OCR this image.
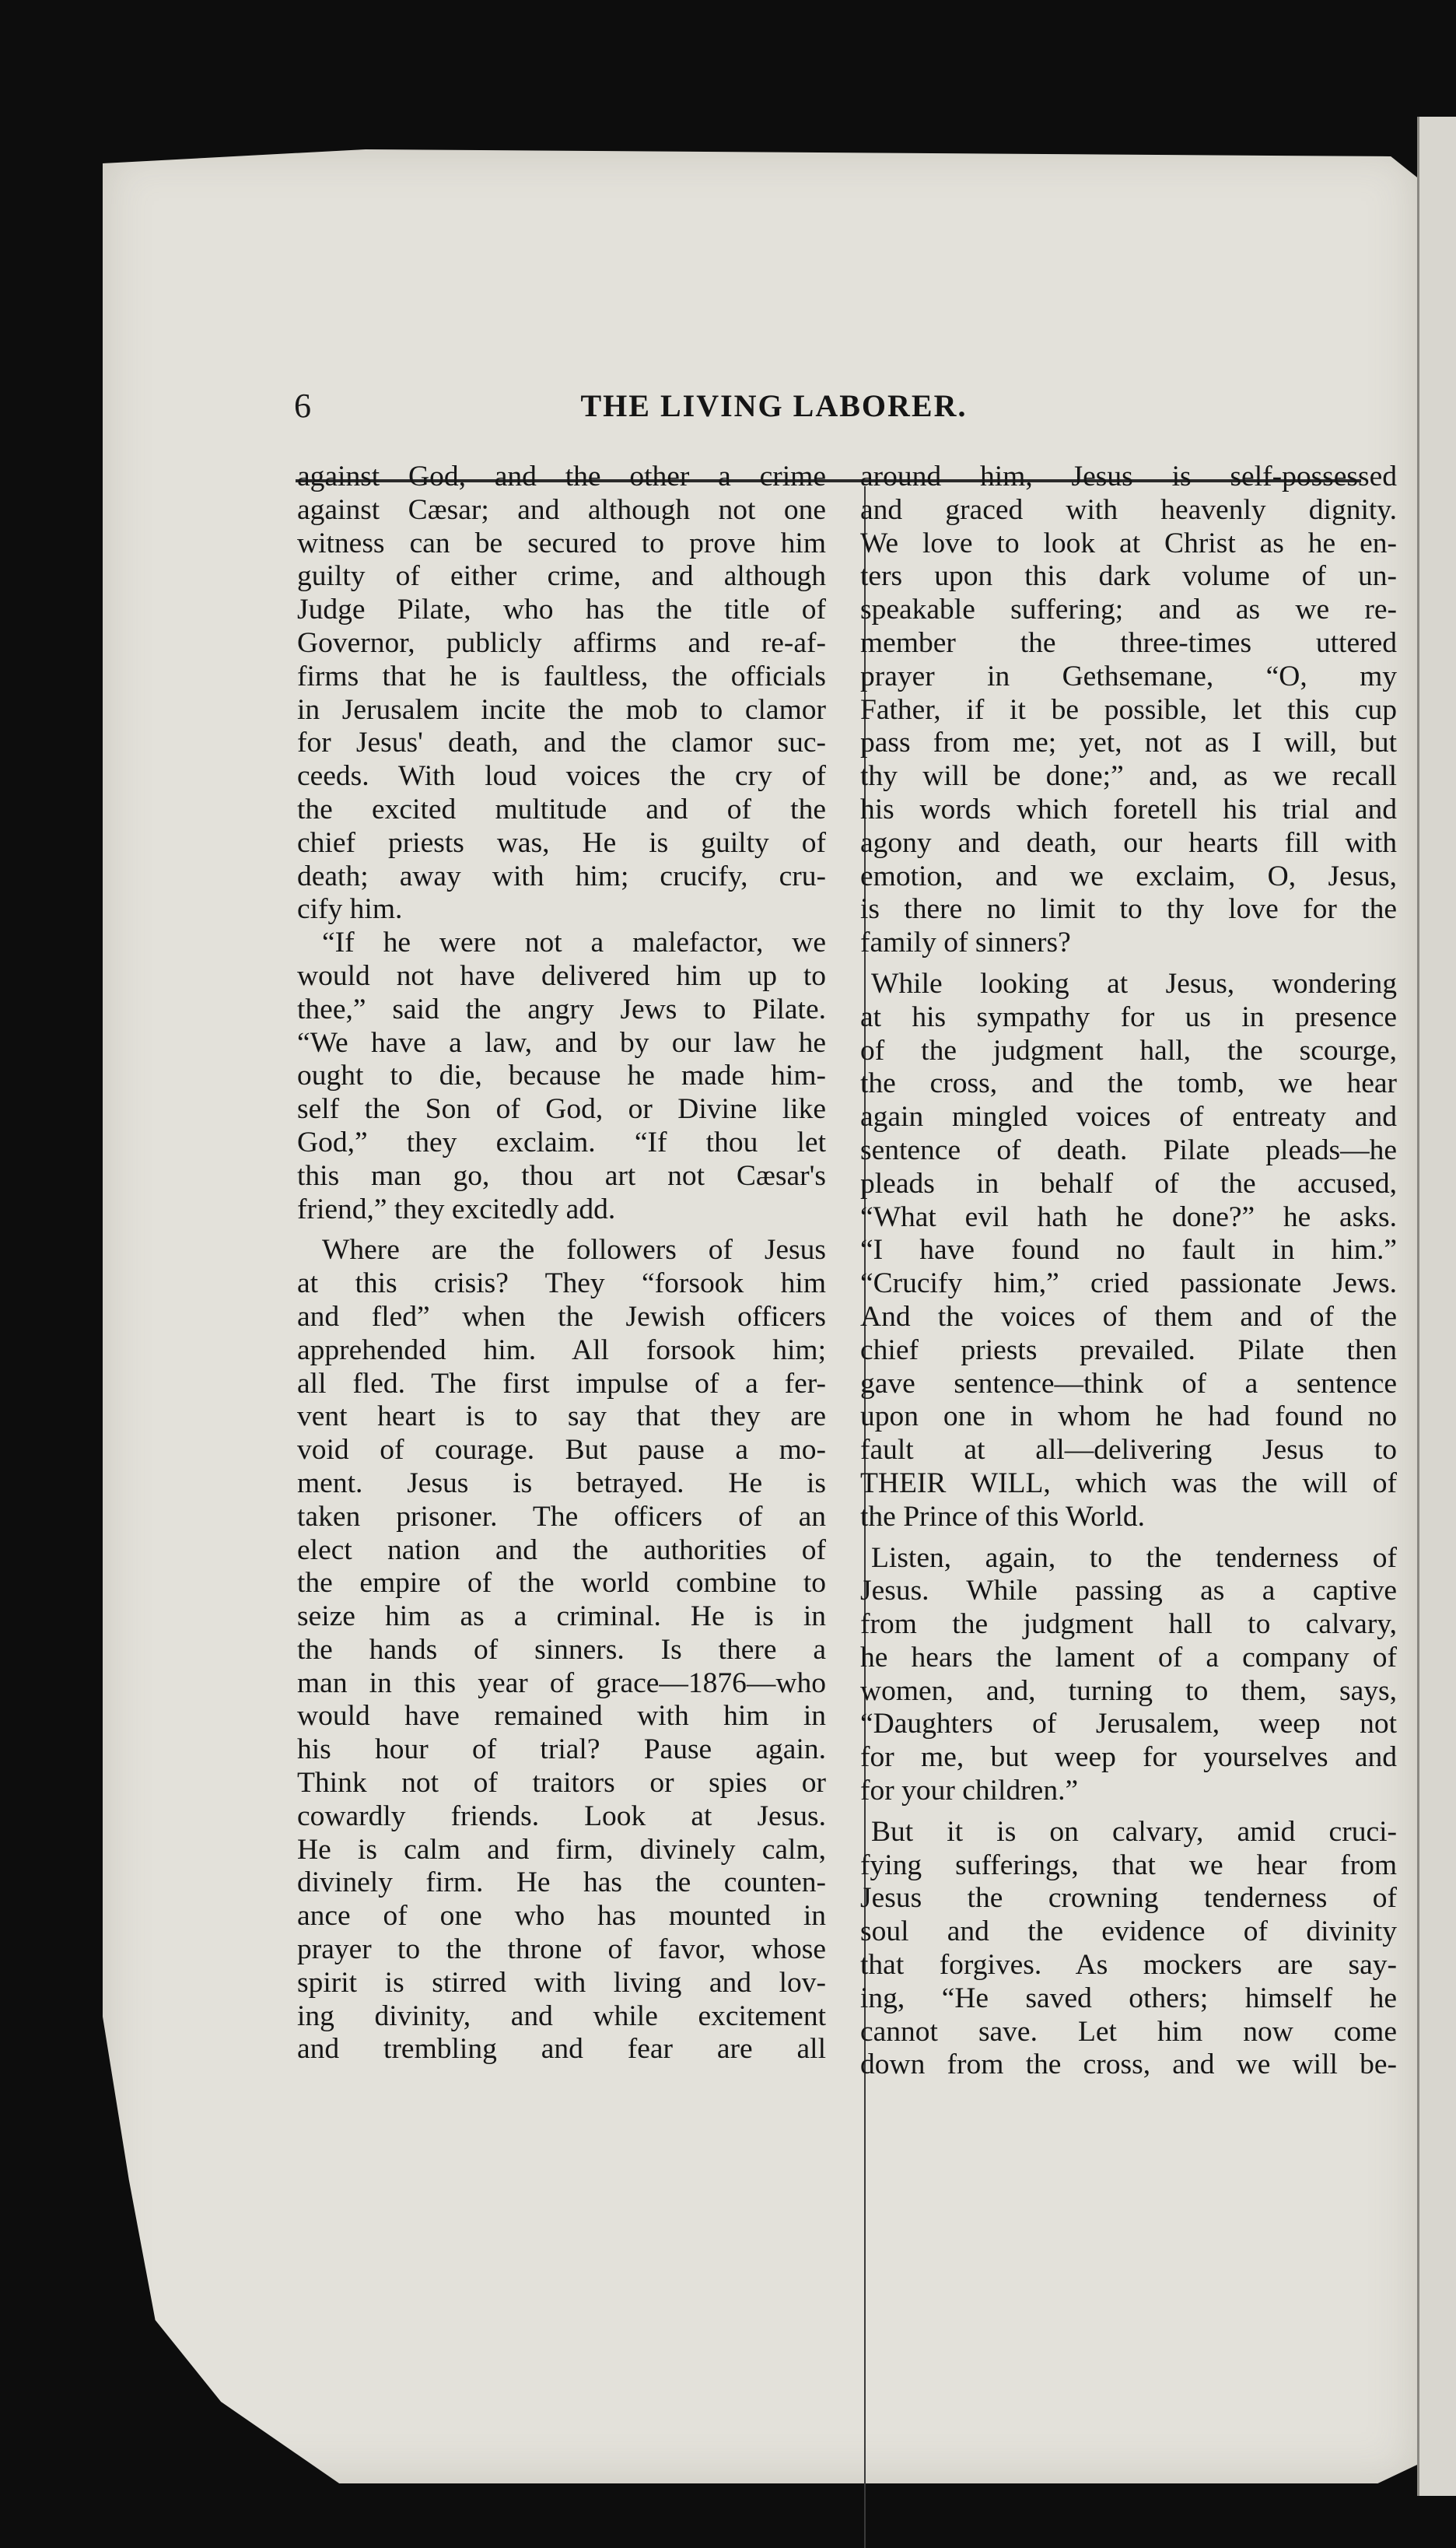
6	THE LIVING LABORER.
against God, and the other a crime
against Cæsar; and although not one
witness can be secured to prove him
guilty of either crime, and although
Judge Pilate, who has the title of
Governor, publicly affirms and re-af-
firms that he is faultless, the officials
in Jerusalem incite the mob to clamor
for Jesus' death, and the clamor suc-
ceeds. With loud voices the cry of
the excited multitude and of the
chief priests was, He is guilty of
death; away with him; crucify, cru-
cify him.
“If he were not a malefactor, we
would not have delivered him up to
thee,” said the angry Jews to Pilate.
“We have a law, and by our law he
ought to die, because he made him-
self the Son of God, or Divine like
God,” they exclaim. “If thou let
this man go, thou art not Cæsar's
friend,” they excitedly add.
Where are the followers of Jesus
at this crisis? They “forsook him
and fled” when the Jewish officers
apprehended him. All forsook him;
all fled. The first impulse of a fer-
vent heart is to say that they are
void of courage. But pause a mo-
ment. Jesus is betrayed. He is
taken prisoner. The officers of an
elect nation and the authorities of
the empire of the world combine to
seize him as a criminal. He is in
the hands of sinners. Is there a
man in this year of grace—1876—who
would have remained with him in
his hour of trial? Pause again.
Think not of traitors or spies or
cowardly friends. Look at Jesus.
He is calm and firm, divinely calm,
divinely firm. He has the counten-
ance of one who has mounted in
prayer to the throne of favor, whose
spirit is stirred with living and lov-
ing divinity, and while excitement
and trembling and fear are all
around him, Jesus is self-possessed
and graced with heavenly dignity.
We love to look at Christ as he en-
ters upon this dark volume of un-
speakable suffering; and as we re-
member the three-times uttered
prayer in Gethsemane, “O, my
Father, if it be possible, let this cup
pass from me; yet, not as I will, but
thy will be done;” and, as we recall
his words which foretell his trial and
agony and death, our hearts fill with
emotion, and we exclaim, O, Jesus,
is there no limit to thy love for the
family of sinners?
While looking at Jesus, wondering
at his sympathy for us in presence
of the judgment hall, the scourge,
the cross, and the tomb, we hear
again mingled voices of entreaty and
sentence of death. Pilate pleads—he
pleads in behalf of the accused,
“What evil hath he done?” he asks.
“I have found no fault in him.”
“Crucify him,” cried passionate Jews.
And the voices of them and of the
chief priests prevailed. Pilate then
gave sentence—think of a sentence
upon one in whom he had found no
fault at all—delivering Jesus to
THEIR WILL, which was the will of
the Prince of this World.
Listen, again, to the tenderness of
Jesus. While passing as a captive
from the judgment hall to calvary,
he hears the lament of a company of
women, and, turning to them, says,
“Daughters of Jerusalem, weep not
for me, but weep for yourselves and
for your children.”
But it is on calvary, amid cruci-
fying sufferings, that we hear from
Jesus the crowning tenderness of
soul and the evidence of divinity
that forgives. As mockers are say-
ing, “He saved others; himself he
cannot save. Let him now come
down from the cross, and we will be-
